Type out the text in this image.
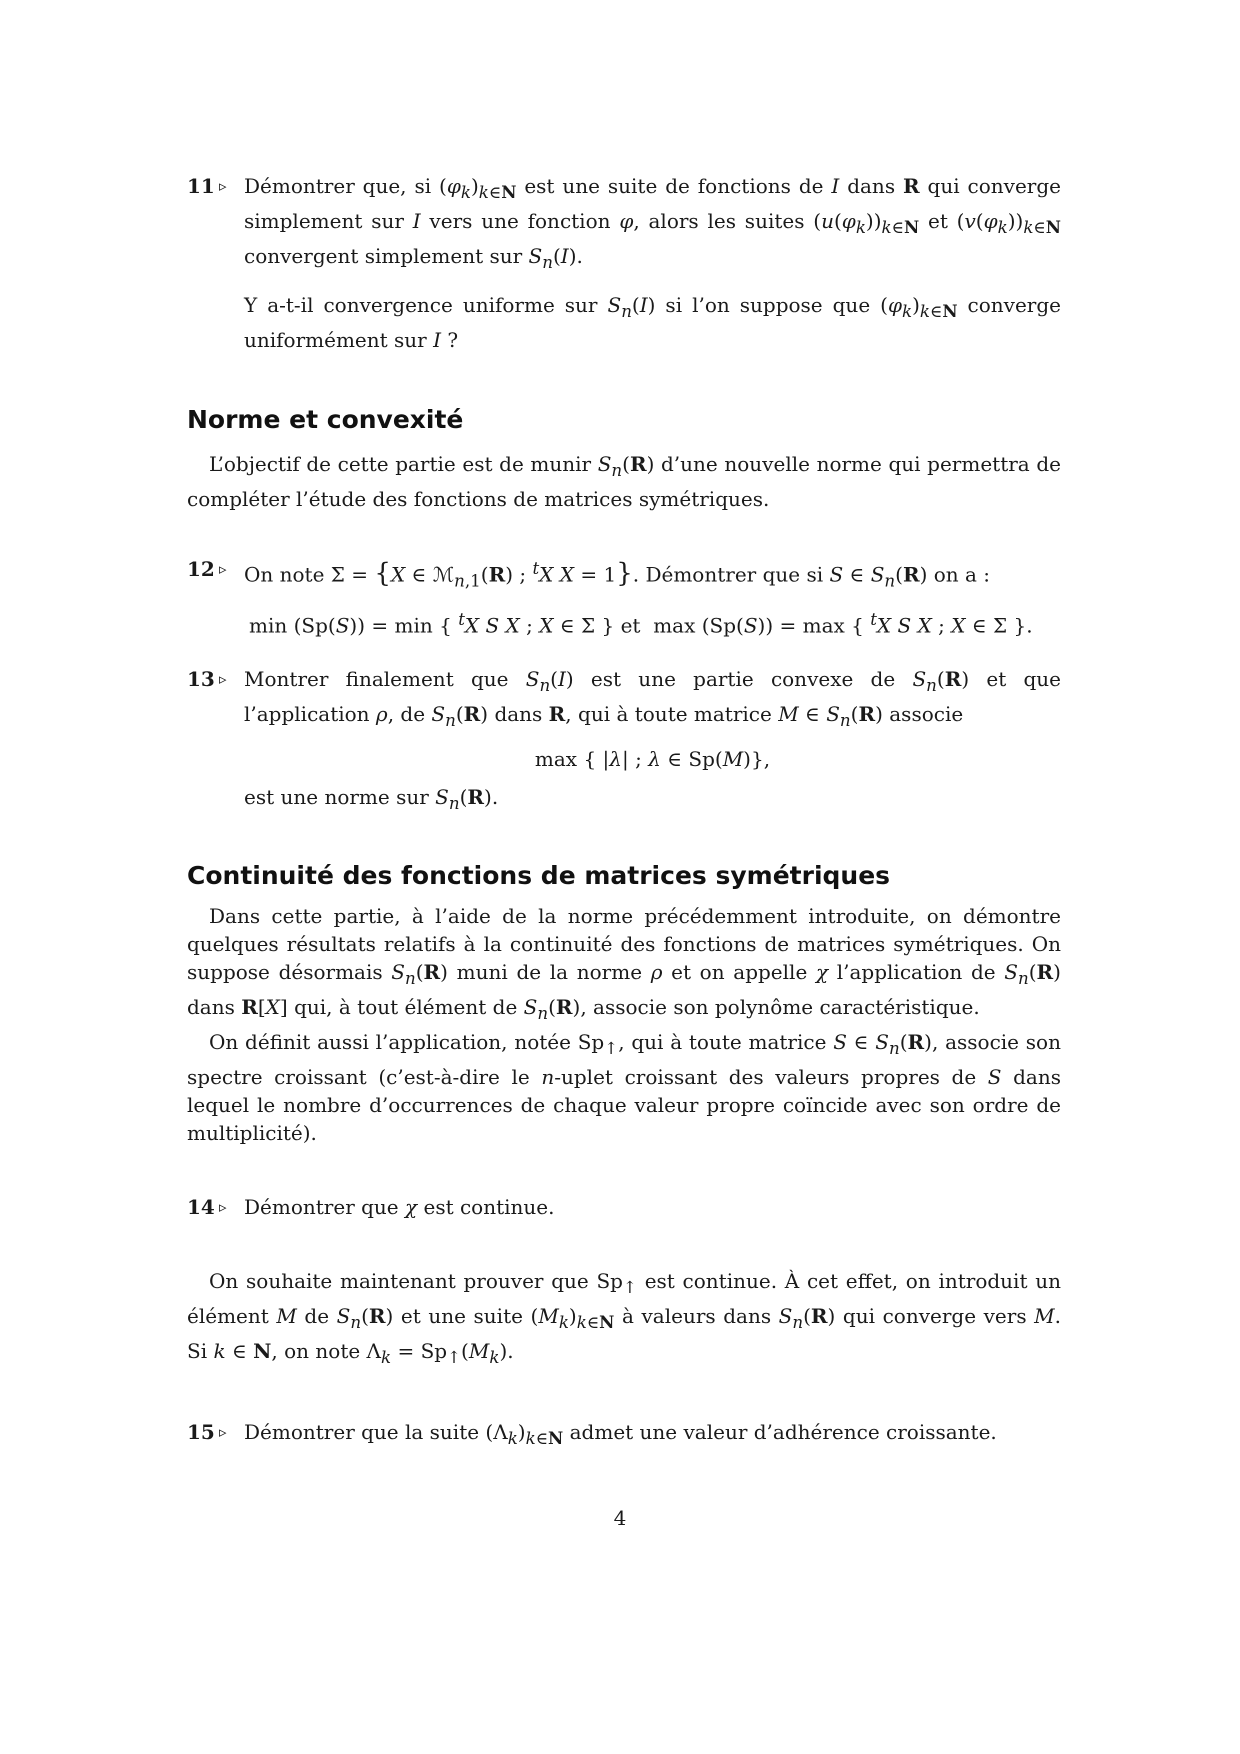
11 ▹ Démontrer que, si $(\varphi_k)_{k\in N}$ est une suite de fonctions de I dans R qui converge simplement sur I vers une fonction φ, alors les suites $(u(\varphi_k))_{k\in N}$ et $(v(\varphi_k))_{k\in N}$ convergent simplement sur $S_n(I)$.

Y a-t-il convergence uniforme sur $S_n(I)$ si l’on suppose que $(\varphi_k)_{k\in N}$ converge uniformément sur I ?

Norme et convexité

L’objectif de cette partie est de munir $S_n(R)$ d’une nouvelle norme qui permettra de compléter l’étude des fonctions de matrices symétriques.

12 ▹ On note Σ = {X ∈ ℳ$_{n,1}$(R) ; $^t$X X = 1}. Démontrer que si S ∈ $S_n(R)$ on a :

min (Sp(S)) = min { $^t$X S X ; X ∈ Σ } et  max (Sp(S)) = max { $^t$X S X ; X ∈ Σ }.

13 ▹ Montrer finalement que $S_n(I)$ est une partie convexe de $S_n(R)$ et que l’application ρ, de $S_n(R)$ dans R, qui à toute matrice M ∈ $S_n(R)$ associe

max { |λ| ; λ ∈ Sp(M)},

est une norme sur $S_n(R)$.

Continuité des fonctions de matrices symétriques

Dans cette partie, à l’aide de la norme précédemment introduite, on démontre quelques résultats relatifs à la continuité des fonctions de matrices symétriques. On suppose désormais $S_n(R)$ muni de la norme ρ et on appelle χ l’application de $S_n(R)$ dans R[X] qui, à tout élément de $S_n(R)$, associe son polynôme caractéristique.

On définit aussi l’application, notée $Sp_↑$, qui à toute matrice S ∈ $S_n(R)$, associe son spectre croissant (c’est-à-dire le n-uplet croissant des valeurs propres de S dans lequel le nombre d’occurrences de chaque valeur propre coïncide avec son ordre de multiplicité).

14 ▹ Démontrer que χ est continue.

On souhaite maintenant prouver que $Sp_↑$ est continue. À cet effet, on introduit un élément M de $S_n(R)$ et une suite $(M_k)_{k\in N}$ à valeurs dans $S_n(R)$ qui converge vers M. Si k ∈ N, on note $\Lambda_k = Sp_↑(M_k)$.

15 ▹ Démontrer que la suite $(\Lambda_k)_{k\in N}$ admet une valeur d’adhérence croissante.

4
